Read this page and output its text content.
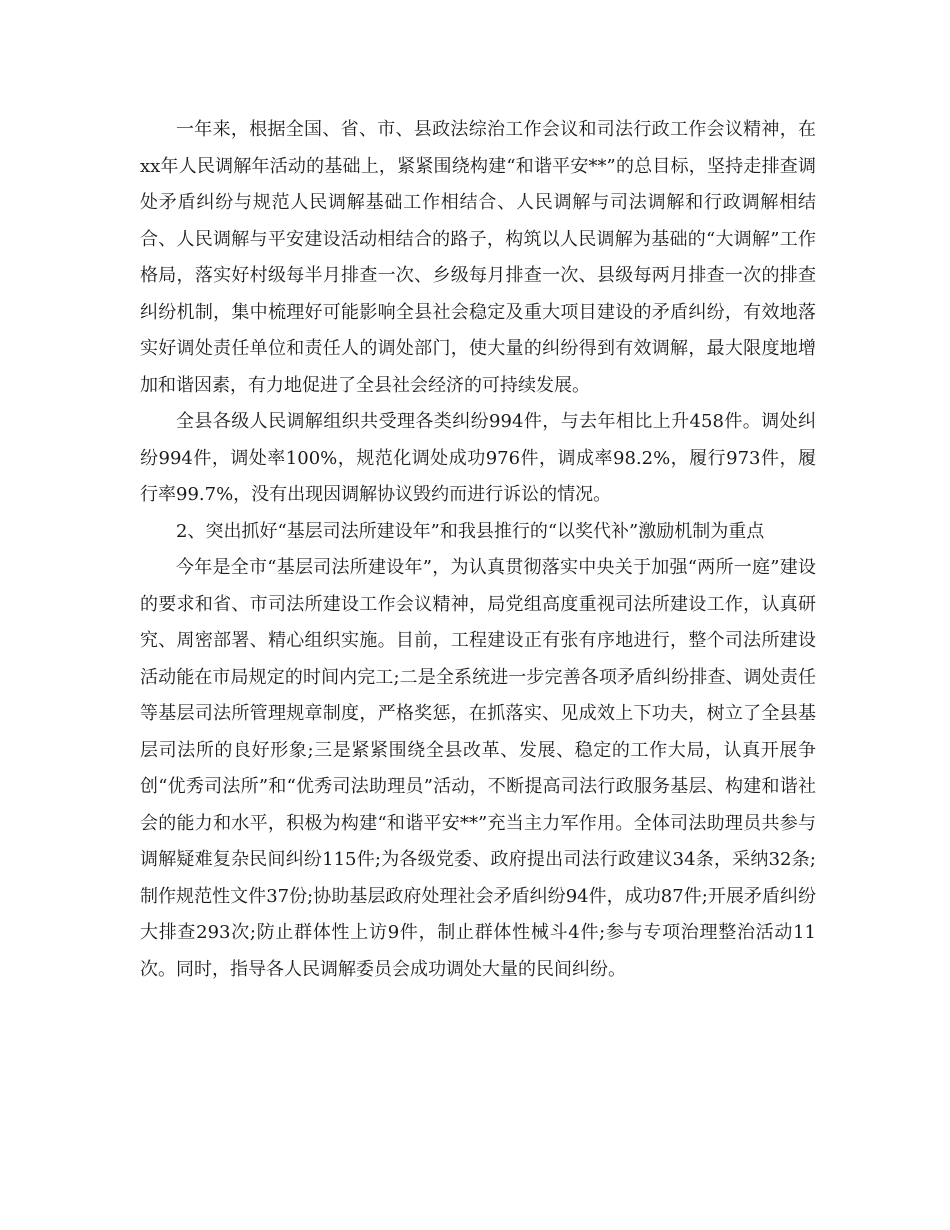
一年来，根据全国、省、市、县政法综治工作会议和司法行政工作会议精神，在xx年人民调解年活动的基础上，紧紧围绕构建“和谐平安**”的总目标，坚持走排查调处矛盾纠纷与规范人民调解基础工作相结合、人民调解与司法调解和行政调解相结合、人民调解与平安建设活动相结合的路子，构筑以人民调解为基础的“大调解”工作格局，落实好村级每半月排查一次、乡级每月排查一次、县级每两月排查一次的排查纠纷机制，集中梳理好可能影响全县社会稳定及重大项目建设的矛盾纠纷，有效地落实好调处责任单位和责任人的调处部门，使大量的纠纷得到有效调解，最大限度地增加和谐因素，有力地促进了全县社会经济的可持续发展。

全县各级人民调解组织共受理各类纠纷994件，与去年相比上升458件。调处纠纷994件，调处率100%，规范化调处成功976件，调成率98.2%，履行973件，履行率99.7%，没有出现因调解协议毁约而进行诉讼的情况。

2、突出抓好“基层司法所建设年”和我县推行的“以奖代补”激励机制为重点

今年是全市“基层司法所建设年”，为认真贯彻落实中央关于加强“两所一庭”建设的要求和省、市司法所建设工作会议精神，局党组高度重视司法所建设工作，认真研究、周密部署、精心组织实施。目前，工程建设正有张有序地进行，整个司法所建设活动能在市局规定的时间内完工;二是全系统进一步完善各项矛盾纠纷排查、调处责任等基层司法所管理规章制度，严格奖惩，在抓落实、见成效上下功夫，树立了全县基层司法所的良好形象;三是紧紧围绕全县改革、发展、稳定的工作大局，认真开展争创“优秀司法所”和“优秀司法助理员”活动，不断提高司法行政服务基层、构建和谐社会的能力和水平，积极为构建“和谐平安**”充当主力军作用。全体司法助理员共参与调解疑难复杂民间纠纷115件;为各级党委、政府提出司法行政建议34条，采纳32条;制作规范性文件37份;协助基层政府处理社会矛盾纠纷94件，成功87件;开展矛盾纠纷大排查293次;防止群体性上访9件，制止群体性械斗4件;参与专项治理整治活动11次。同时，指导各人民调解委员会成功调处大量的民间纠纷。
